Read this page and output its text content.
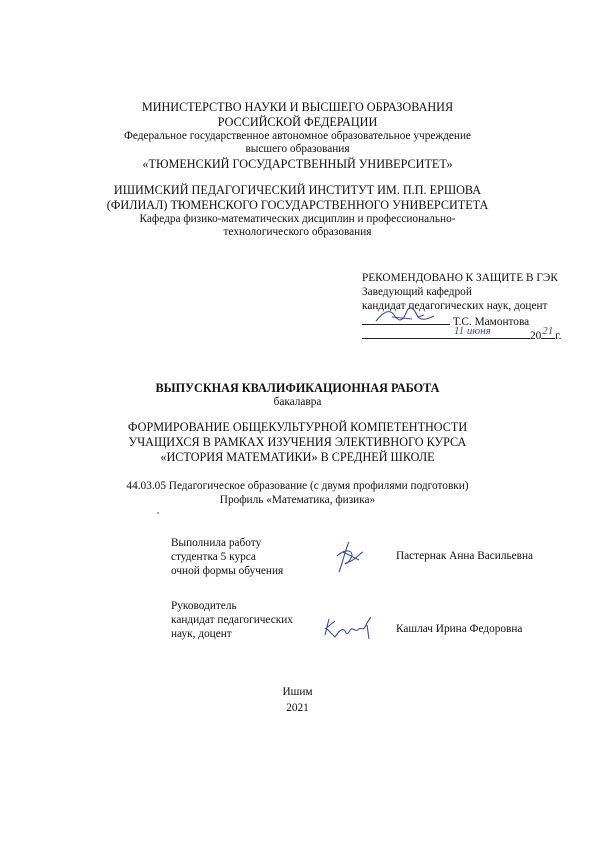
МИНИСТЕРСТВО НАУКИ И ВЫСШЕГО ОБРАЗОВАНИЯ
РОССИЙСКОЙ ФЕДЕРАЦИИ
Федеральное государственное автономное образовательное учреждение
высшего образования
«ТЮМЕНСКИЙ ГОСУДАРСТВЕННЫЙ УНИВЕРСИТЕТ»
ИШИМСКИЙ ПЕДАГОГИЧЕСКИЙ ИНСТИТУТ ИМ. П.П. ЕРШОВА
(ФИЛИАЛ) ТЮМЕНСКОГО ГОСУДАРСТВЕННОГО УНИВЕРСИТЕТА
Кафедра физико-математических дисциплин и профессионально-
технологического образования
РЕКОМЕНДОВАНО К ЗАЩИТЕ В ГЭК
Заведующий кафедрой
кандидат педагогических наук, доцент
Т.С. Мамонтова
11 июня	20 21 г.
ВЫПУСКНАЯ КВАЛИФИКАЦИОННАЯ РАБОТА
бакалавра
ФОРМИРОВАНИЕ ОБЩЕКУЛЬТУРНОЙ КОМПЕТЕНТНОСТИ
УЧАЩИХСЯ В РАМКАХ ИЗУЧЕНИЯ ЭЛЕКТИВНОГО КУРСА
«ИСТОРИЯ МАТЕМАТИКИ» В СРЕДНЕЙ ШКОЛЕ
44.03.05 Педагогическое образование (с двумя профилями подготовки)
Профиль «Математика, физика»
Выполнила работу
студентка 5 курса
очной формы обучения
Пастернак Анна Васильевна
Руководитель
кандидат педагогических
наук, доцент	Кашлач Ирина Федоровна
Ишим
2021
